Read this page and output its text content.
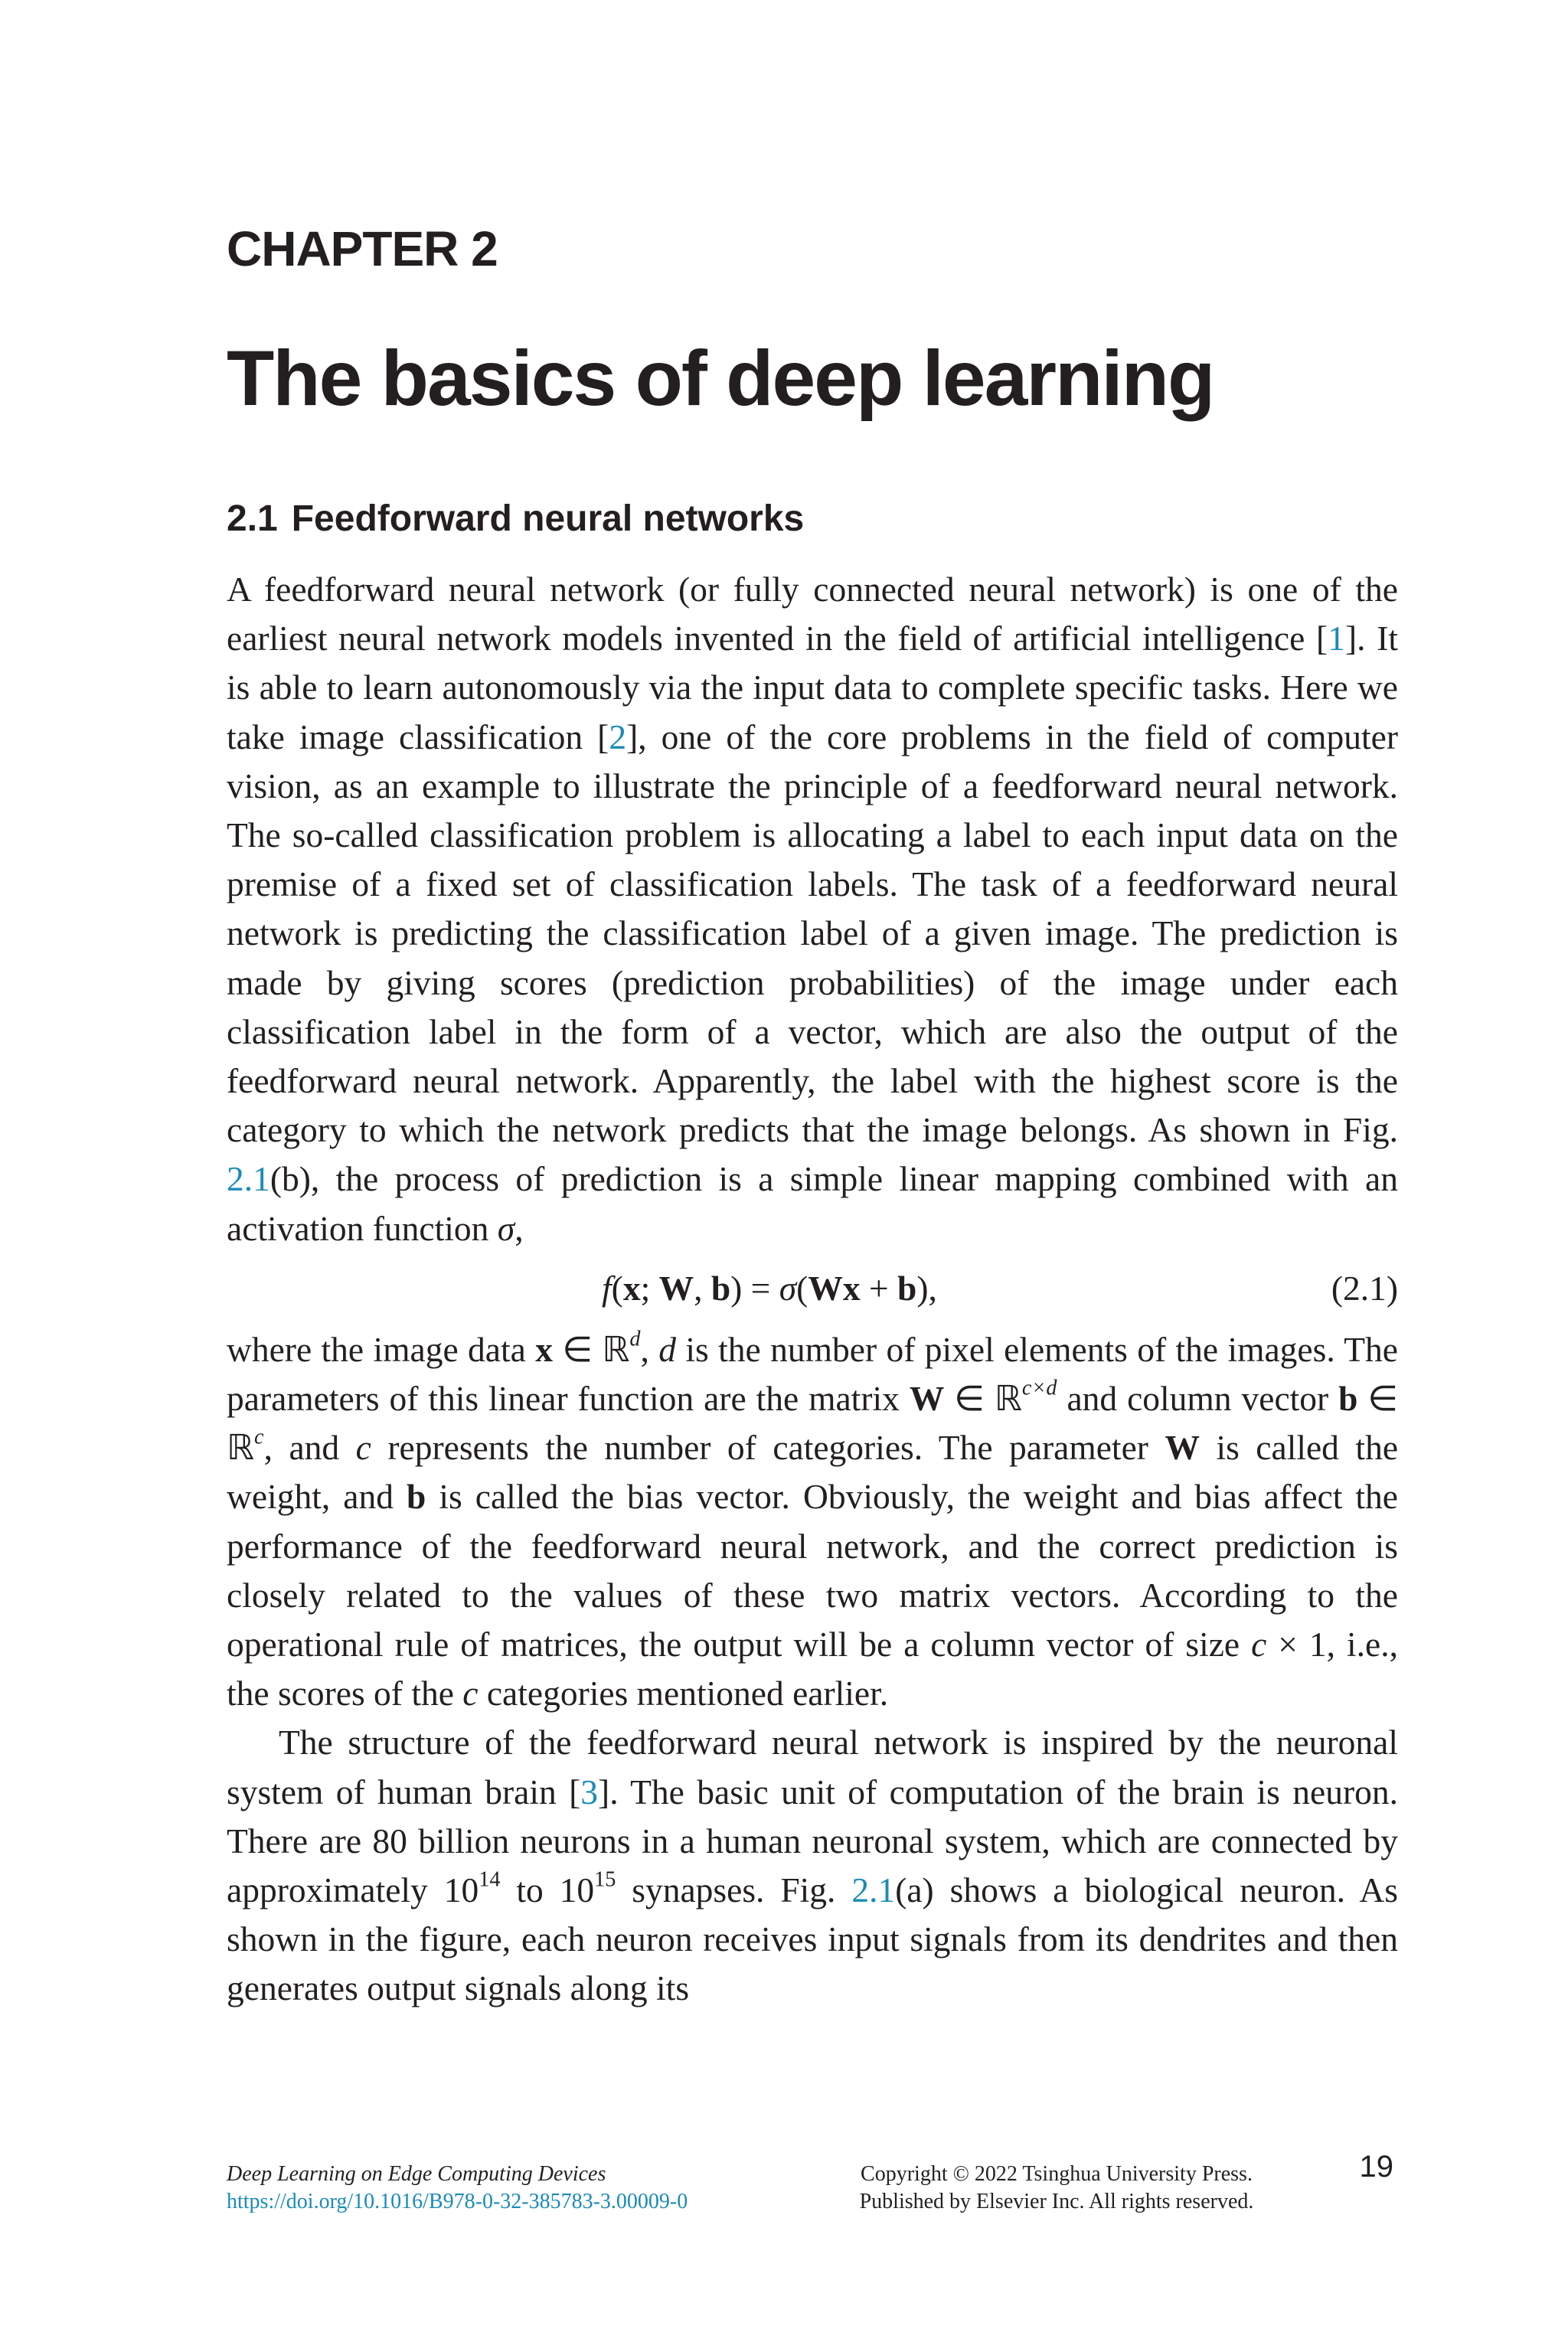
CHAPTER 2
The basics of deep learning
2.1 Feedforward neural networks

A feedforward neural network (or fully connected neural network) is one of the earliest neural network models invented in the field of artificial intelligence [1]. It is able to learn autonomously via the input data to complete specific tasks. Here we take image classification [2], one of the core problems in the field of computer vision, as an example to illustrate the principle of a feedforward neural network. The so-called classification problem is allocating a label to each input data on the premise of a fixed set of classification labels. The task of a feedforward neural network is predicting the classification label of a given image. The prediction is made by giving scores (prediction probabilities) of the image under each classification label in the form of a vector, which are also the output of the feedforward neural network. Apparently, the label with the highest score is the category to which the network predicts that the image belongs. As shown in Fig. 2.1(b), the process of prediction is a simple linear mapping combined with an activation function σ,

f(x; W, b) = σ(Wx + b),	(2.1)

where the image data x ∈ ℝ$^d$, d is the number of pixel elements of the images. The parameters of this linear function are the matrix W ∈ ℝ$^{c\times d}$ and column vector b ∈ ℝ$^c$, and c represents the number of categories. The parameter W is called the weight, and b is called the bias vector. Obviously, the weight and bias affect the performance of the feedforward neural network, and the correct prediction is closely related to the values of these two matrix vectors. According to the operational rule of matrices, the output will be a column vector of size c × 1, i.e., the scores of the c categories mentioned earlier.

The structure of the feedforward neural network is inspired by the neuronal system of human brain [3]. The basic unit of computation of the brain is neuron. There are 80 billion neurons in a human neuronal system, which are connected by approximately $10^{14}$ to $10^{15}$ synapses. Fig. 2.1(a) shows a biological neuron. As shown in the figure, each neuron receives input signals from its dendrites and then generates output signals along its

Deep Learning on Edge Computing Devices
https://doi.org/10.1016/B978-0-32-385783-3.00009-0
Copyright © 2022 Tsinghua University Press.
Published by Elsevier Inc. All rights reserved.
19
